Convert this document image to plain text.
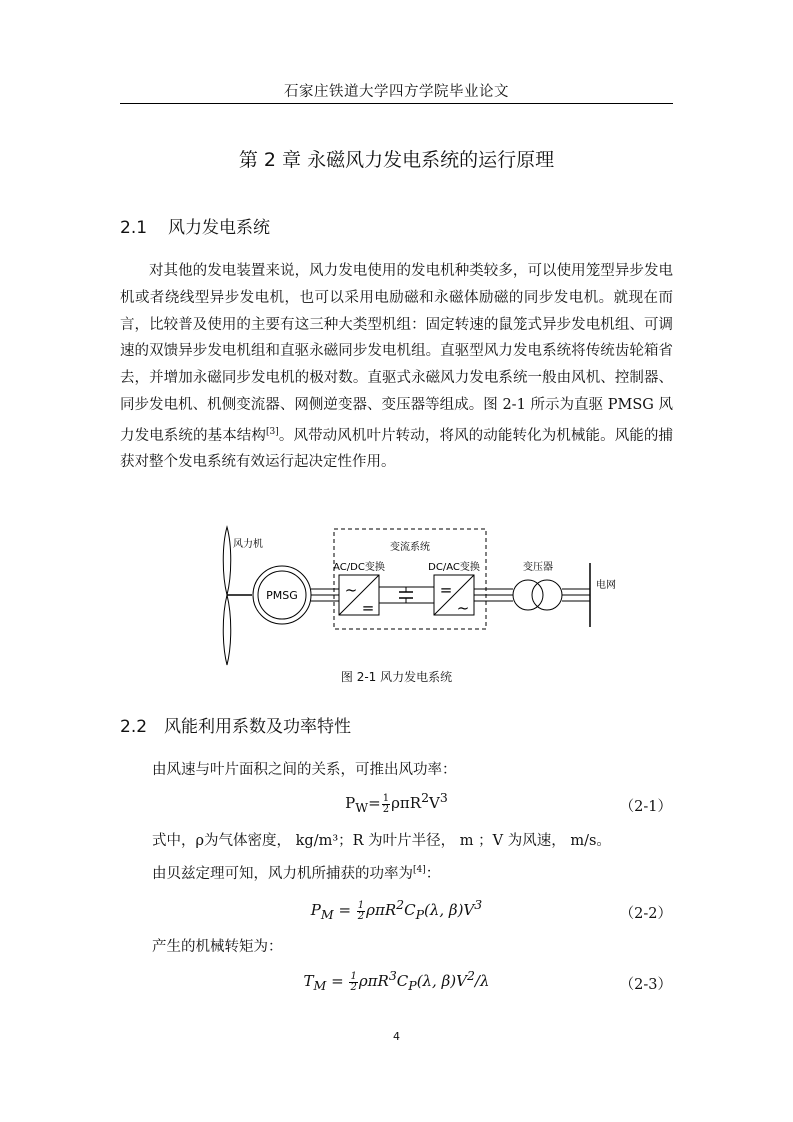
石家庄铁道大学四方学院毕业论文
第 2 章 永磁风力发电系统的运行原理
2.1 风力发电系统
对其他的发电装置来说，风力发电使用的发电机种类较多，可以使用笼型异步发电机或者绕线型异步发电机，也可以采用电励磁和永磁体励磁的同步发电机。就现在而言，比较普及使用的主要有这三种大类型机组：固定转速的鼠笼式异步发电机组、可调速的双馈异步发电机组和直驱永磁同步发电机组。直驱型风力发电系统将传统齿轮箱省去，并增加永磁同步发电机的极对数。直驱式永磁风力发电系统一般由风机、控制器、同步发电机、机侧变流器、网侧逆变器、变压器等组成。图 2-1 所示为直驱 PMSG 风力发电系统的基本结构[3]。风带动风机叶片转动，将风的动能转化为机械能。风能的捕获对整个发电系统有效运行起决定性作用。
风力机	变流系统
AC/DC变换	DC/AC变换	变压器
电网
PMSG	~
=
=
~
图 2-1 风力发电系统
2.2 风能利用系数及功率特性
由风速与叶片面积之间的关系，可推出风功率：
$P_W= \frac{1}{2} \rho\pi R^2V^3$
（2-1）
式中，ρ为气体密度， kg/m³；R 为叶片半径， m ；V 为风速， m/s。
由贝兹定理可知，风力机所捕获的功率为[4]：
$P_M = \frac{1}{2} \rho\pi R^2C_P(\lambda$, $\beta)V^3$
（2-2）
产生的机械转矩为：
$T_M = \frac{1}{2} \rho\pi R^3C_P(\lambda$, $\beta)V^2/\lambda$	（2-3）
4
